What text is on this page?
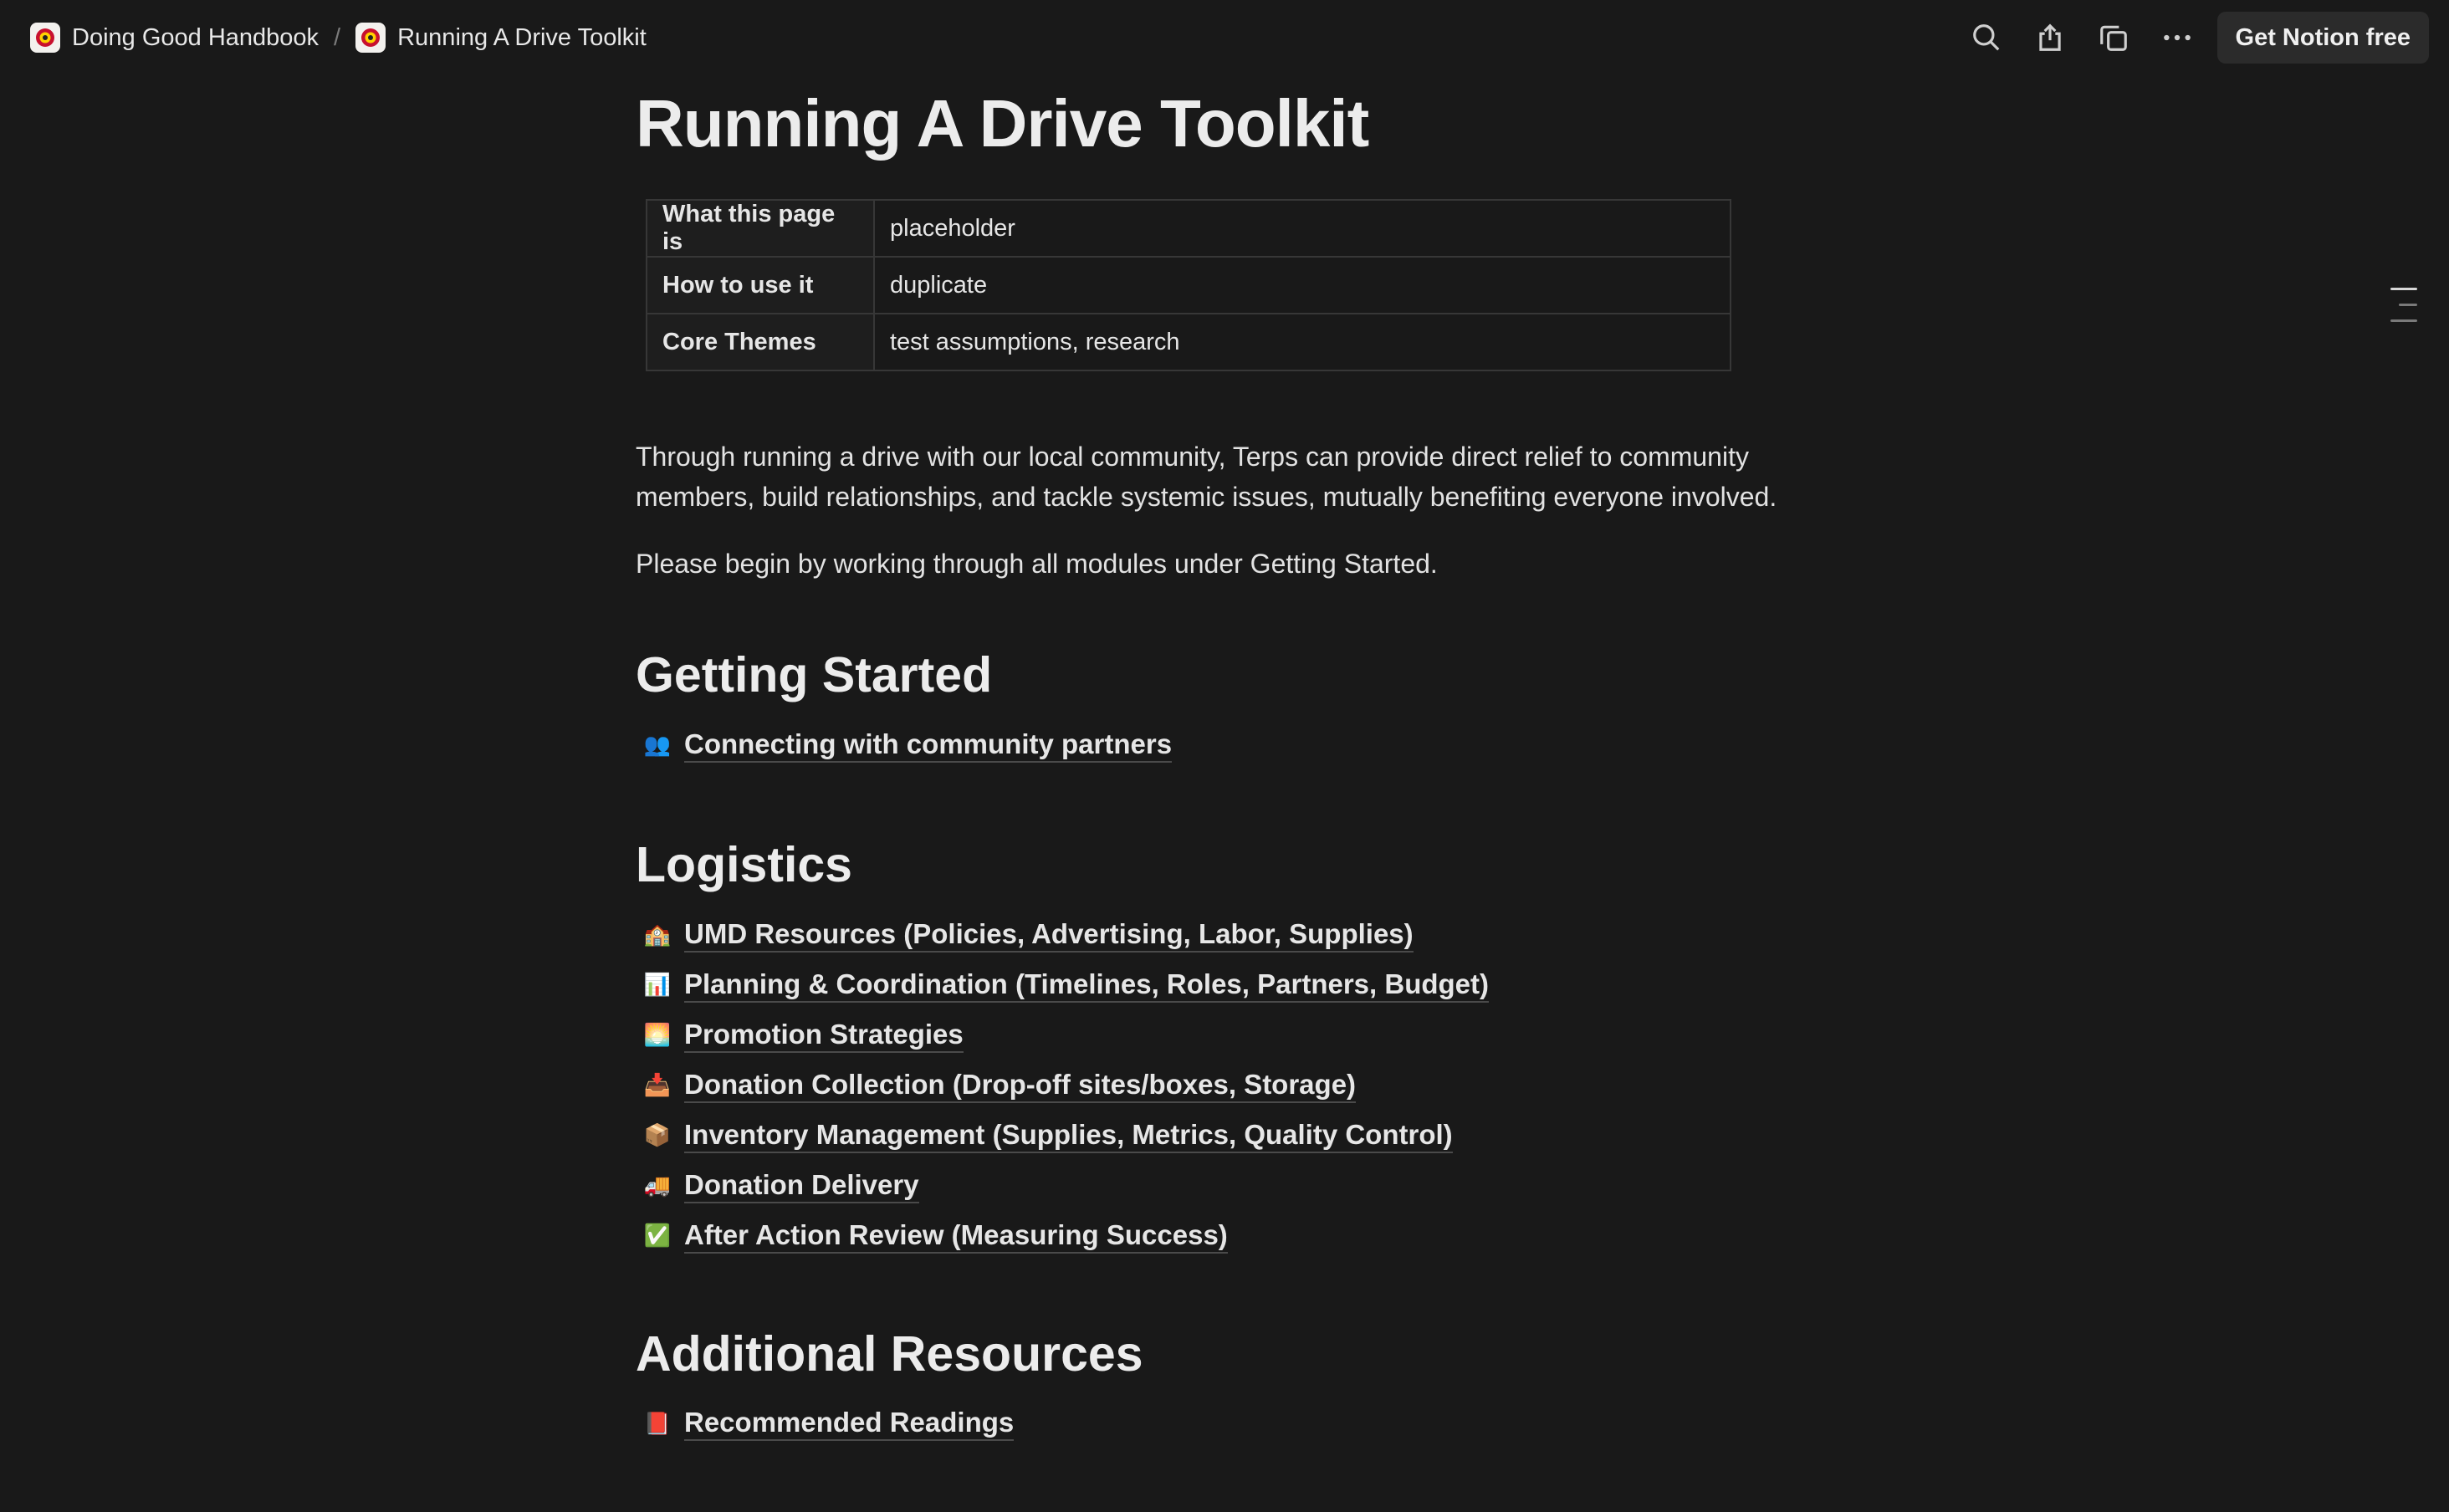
Doing Good Handbook / Running A Drive Toolkit	Get Notion free
Running A Drive Toolkit
What this page is	placeholder
How to use it	duplicate
Core Themes	test assumptions, research

Through running a drive with our local community, Terps can provide direct relief to community members, build relationships, and tackle systemic issues, mutually benefiting everyone involved.

Please begin by working through all modules under Getting Started.

Getting Started
👥 Connecting with community partners
Logistics
🏫 UMD Resources (Policies, Advertising, Labor, Supplies)
📊 Planning & Coordination (Timelines, Roles, Partners, Budget)
🌅 Promotion Strategies
📥 Donation Collection (Drop-off sites/boxes, Storage)
📦 Inventory Management (Supplies, Metrics, Quality Control)
🚚 Donation Delivery
✅ After Action Review (Measuring Success)
Additional Resources
📕 Recommended Readings
